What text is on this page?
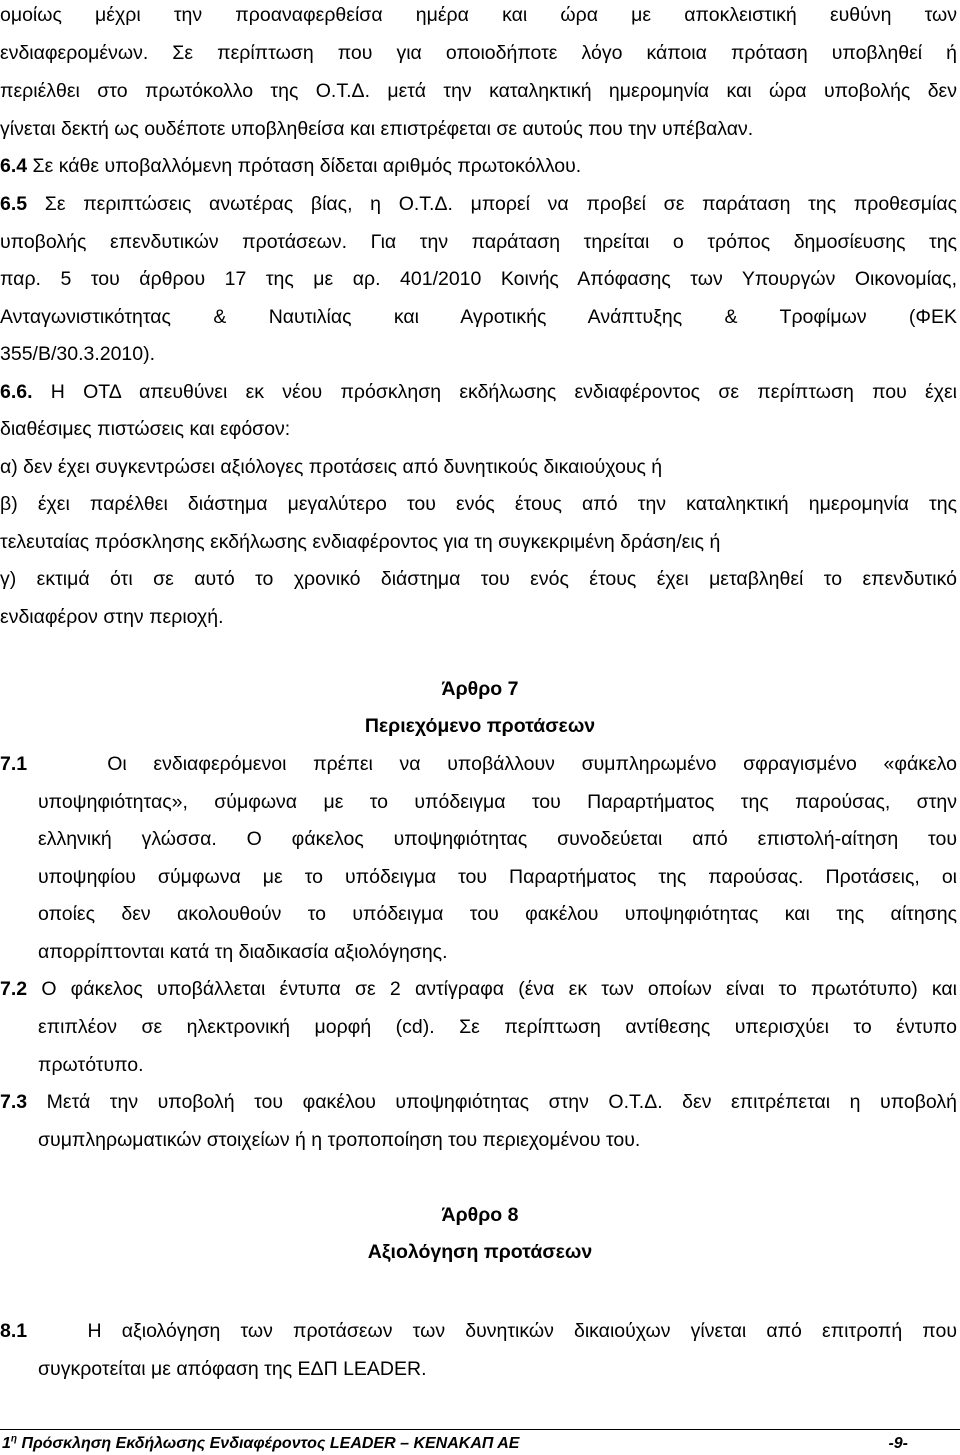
ομοίως μέχρι την προαναφερθείσα ημέρα και ώρα με αποκλειστική ευθύνη των
ενδιαφερομένων. Σε περίπτωση που για οποιοδήποτε λόγο κάποια πρόταση υποβληθεί ή
περιέλθει στο πρωτόκολλο της Ο.Τ.Δ. μετά την καταληκτική ημερομηνία και ώρα υποβολής δεν
γίνεται δεκτή ως ουδέποτε υποβληθείσα και επιστρέφεται σε αυτούς που την υπέβαλαν.
6.4 Σε κάθε υποβαλλόμενη πρόταση δίδεται αριθμός πρωτοκόλλου.
6.5 Σε περιπτώσεις ανωτέρας βίας, η Ο.Τ.Δ. μπορεί να προβεί σε παράταση της προθεσμίας
υποβολής επενδυτικών προτάσεων. Για την παράταση τηρείται ο τρόπος δημοσίευσης της
παρ. 5 του άρθρου 17 της με αρ. 401/2010 Κοινής Απόφασης των Υπουργών Οικονομίας,
Ανταγωνιστικότητας & Ναυτιλίας και Αγροτικής Ανάπτυξης & Τροφίμων (ΦΕΚ
355/Β/30.3.2010).
6.6. Η ΟΤΔ απευθύνει εκ νέου πρόσκληση εκδήλωσης ενδιαφέροντος σε περίπτωση που έχει
διαθέσιμες πιστώσεις και εφόσον:
α) δεν έχει συγκεντρώσει αξιόλογες προτάσεις από δυνητικούς δικαιούχους ή
β) έχει παρέλθει διάστημα μεγαλύτερο του ενός έτους από την καταληκτική ημερομηνία της
τελευταίας πρόσκλησης εκδήλωσης ενδιαφέροντος για τη συγκεκριμένη δράση/εις ή
γ) εκτιμά ότι σε αυτό το χρονικό διάστημα του ενός έτους έχει μεταβληθεί το επενδυτικό
ενδιαφέρον στην περιοχή.
Άρθρο 7
Περιεχόμενο προτάσεων
7.1	Οι ενδιαφερόμενοι πρέπει να υποβάλλουν συμπληρωμένο σφραγισμένο «φάκελο
υποψηφιότητας», σύμφωνα με το υπόδειγμα του Παραρτήματος της παρούσας, στην
ελληνική γλώσσα. Ο φάκελος υποψηφιότητας συνοδεύεται από επιστολή-αίτηση του
υποψηφίου σύμφωνα με το υπόδειγμα του Παραρτήματος της παρούσας. Προτάσεις, οι
οποίες δεν ακολουθούν το υπόδειγμα του φακέλου υποψηφιότητας και της αίτησης
απορρίπτονται κατά τη διαδικασία αξιολόγησης.
7.2 Ο φάκελος υποβάλλεται έντυπα σε 2 αντίγραφα (ένα εκ των οποίων είναι το πρωτότυπο) και
επιπλέον σε ηλεκτρονική μορφή (cd). Σε περίπτωση αντίθεσης υπερισχύει το έντυπο
πρωτότυπο.
7.3 Μετά την υποβολή του φακέλου υποψηφιότητας στην Ο.Τ.Δ. δεν επιτρέπεται η υποβολή
συμπληρωματικών στοιχείων ή η τροποποίηση του περιεχομένου του.
Άρθρο 8
Αξιολόγηση προτάσεων
8.1	Η αξιολόγηση των προτάσεων των δυνητικών δικαιούχων γίνεται από επιτροπή που
συγκροτείται με απόφαση της ΕΔΠ LEADER.
$1^\eta$ Πρόσκληση Εκδήλωσης Ενδιαφέροντος LEADER – ΚΕΝΑΚΑΠ ΑΕ	-9-
